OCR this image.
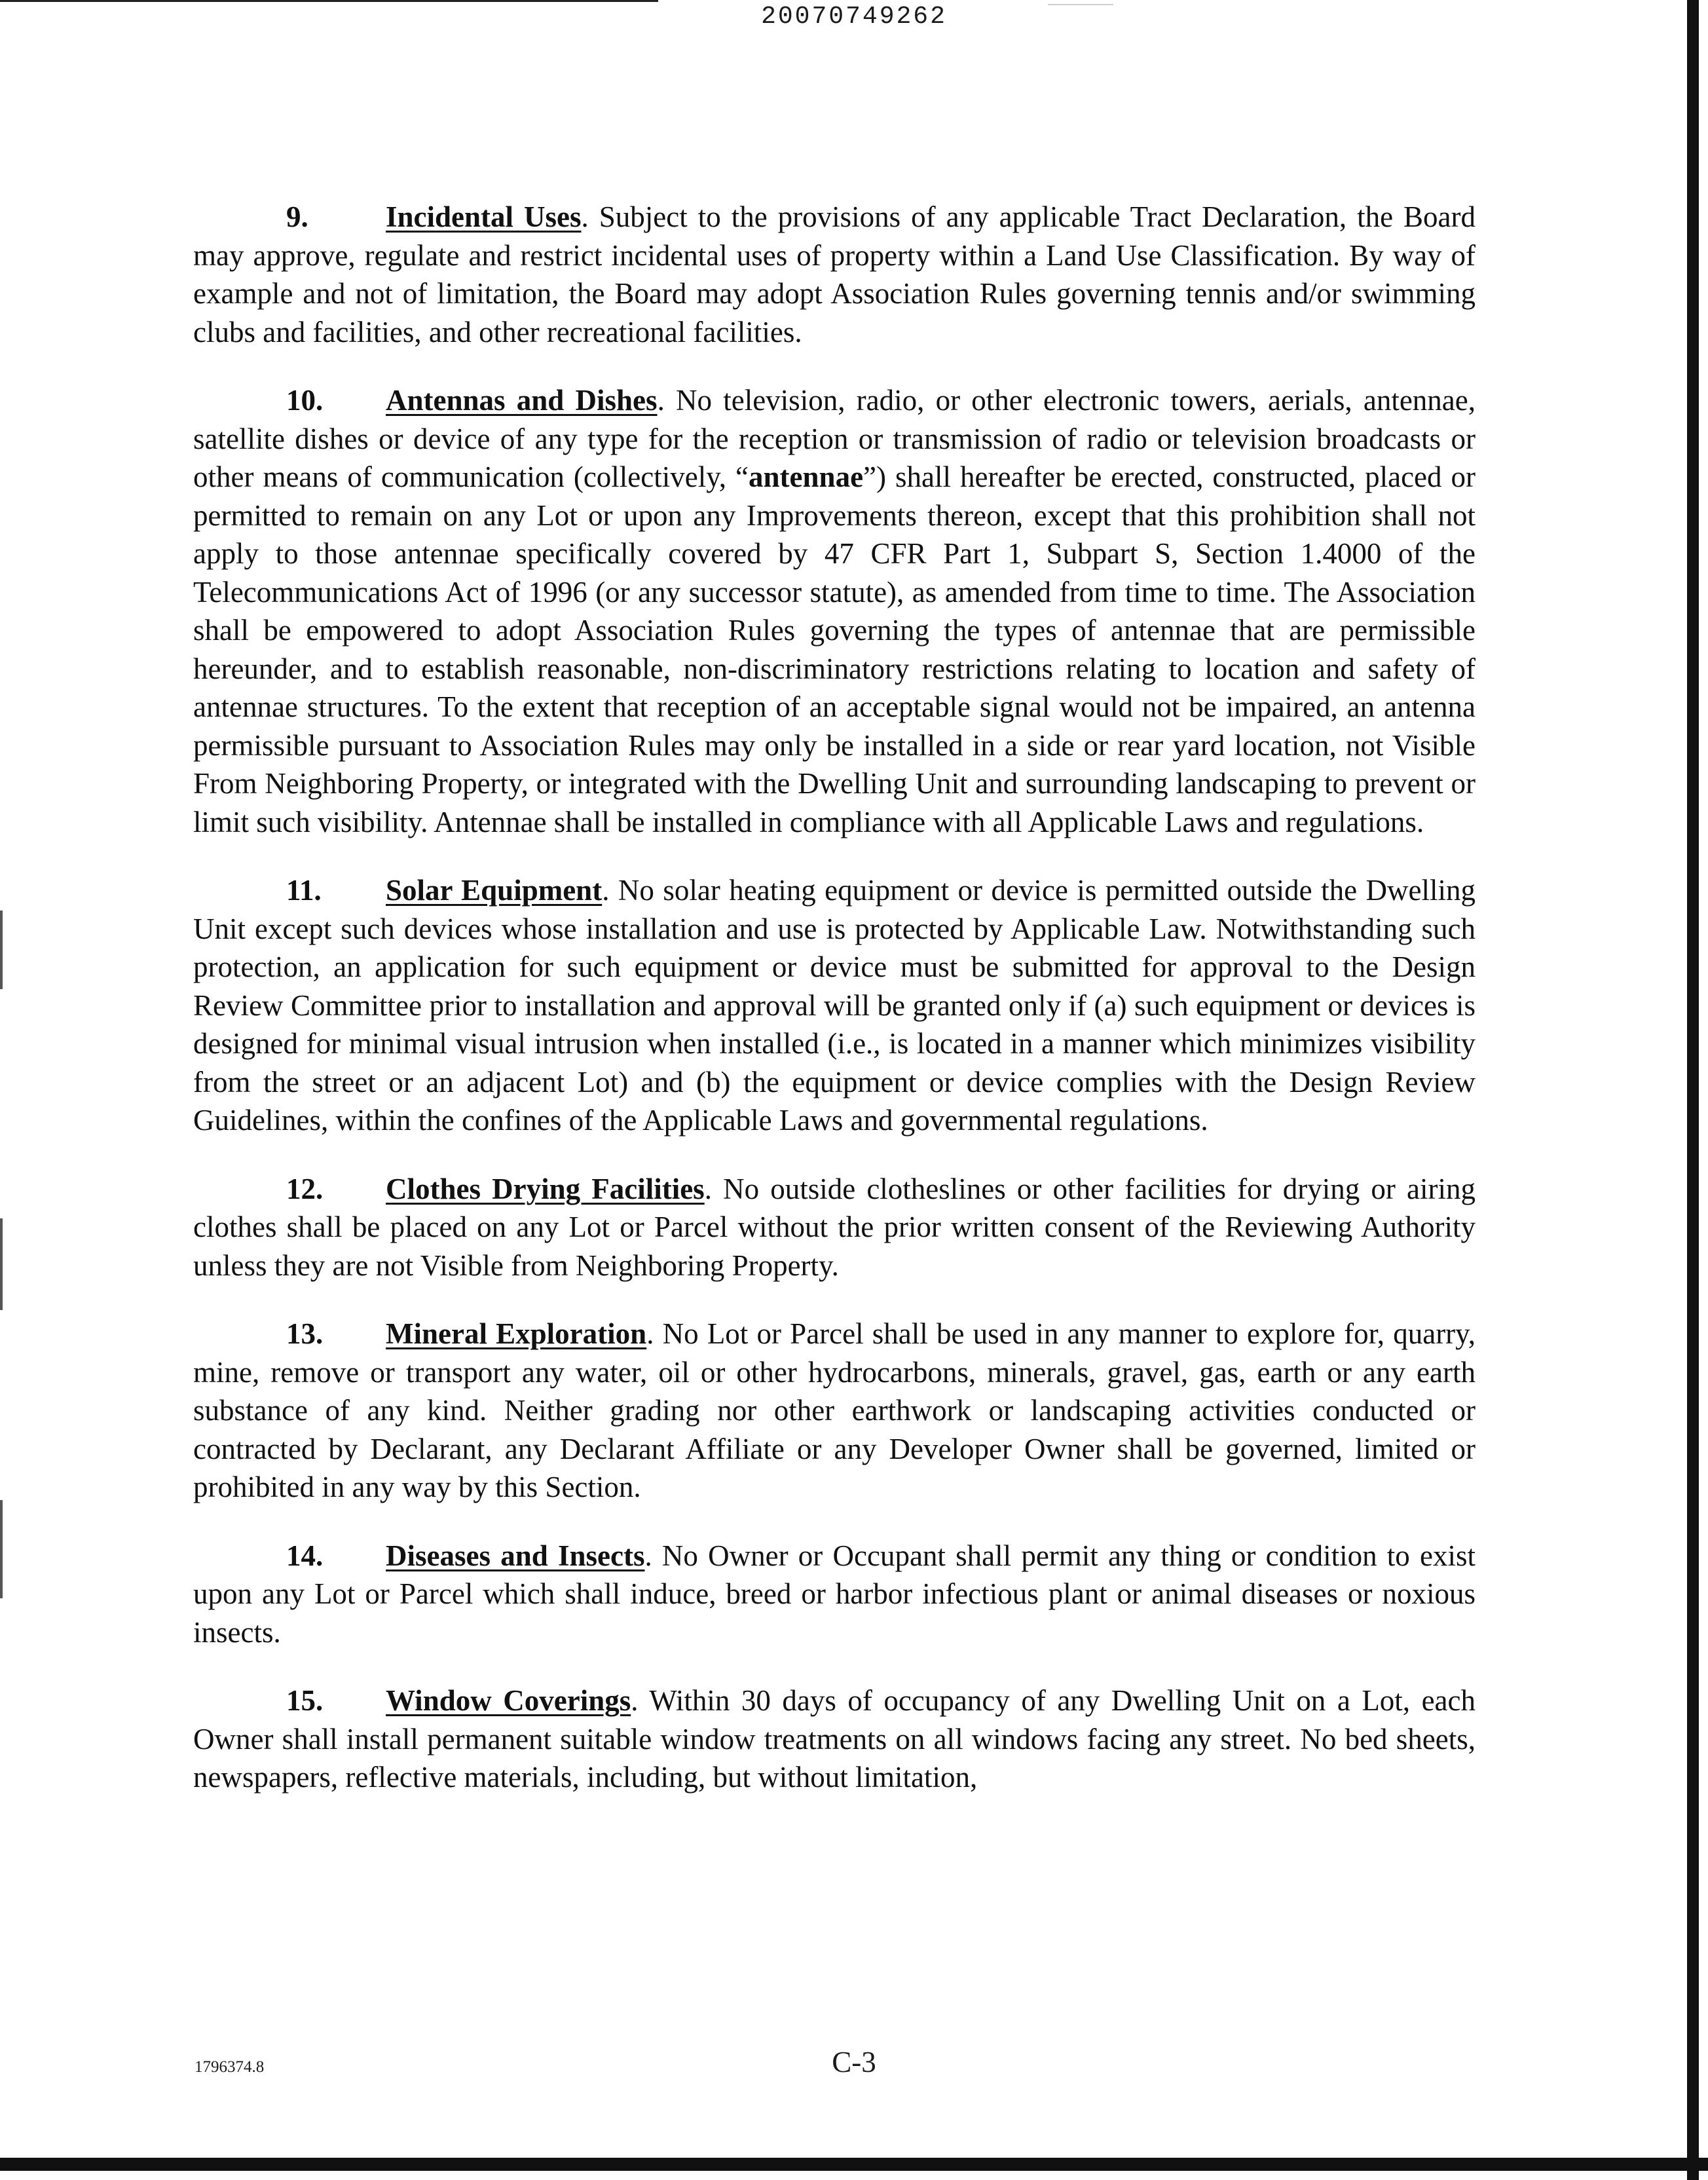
20070749262

9.	Incidental Uses. Subject to the provisions of any applicable Tract Declaration, the Board may approve, regulate and restrict incidental uses of property within a Land Use Classification. By way of example and not of limitation, the Board may adopt Association Rules governing tennis and/or swimming clubs and facilities, and other recreational facilities.

10. Antennas and Dishes. No television, radio, or other electronic towers, aerials, antennae, satellite dishes or device of any type for the reception or transmission of radio or television broadcasts or other means of communication (collectively, “antennae”) shall hereafter be erected, constructed, placed or permitted to remain on any Lot or upon any Improvements thereon, except that this prohibition shall not apply to those antennae specifically covered by 47 CFR Part 1, Subpart S, Section 1.4000 of the Telecommunications Act of 1996 (or any successor statute), as amended from time to time. The Association shall be empowered to adopt Association Rules governing the types of antennae that are permissible hereunder, and to establish reasonable, non-discriminatory restrictions relating to location and safety of antennae structures. To the extent that reception of an acceptable signal would not be impaired, an antenna permissible pursuant to Association Rules may only be installed in a side or rear yard location, not Visible From Neighboring Property, or integrated with the Dwelling Unit and surrounding landscaping to prevent or limit such visibility. Antennae shall be installed in compliance with all Applicable Laws and regulations.

11. Solar Equipment. No solar heating equipment or device is permitted outside the Dwelling Unit except such devices whose installation and use is protected by Applicable Law. Notwithstanding such protection, an application for such equipment or device must be submitted for approval to the Design Review Committee prior to installation and approval will be granted only if (a) such equipment or devices is designed for minimal visual intrusion when installed (i.e., is located in a manner which minimizes visibility from the street or an adjacent Lot) and (b) the equipment or device complies with the Design Review Guidelines, within the confines of the Applicable Laws and governmental regulations.

12. Clothes Drying Facilities. No outside clotheslines or other facilities for drying or airing clothes shall be placed on any Lot or Parcel without the prior written consent of the Reviewing Authority unless they are not Visible from Neighboring Property.

13. Mineral Exploration. No Lot or Parcel shall be used in any manner to explore for, quarry, mine, remove or transport any water, oil or other hydrocarbons, minerals, gravel, gas, earth or any earth substance of any kind. Neither grading nor other earthwork or landscaping activities conducted or contracted by Declarant, any Declarant Affiliate or any Developer Owner shall be governed, limited or prohibited in any way by this Section.

14. Diseases and Insects. No Owner or Occupant shall permit any thing or condition to exist upon any Lot or Parcel which shall induce, breed or harbor infectious plant or animal diseases or noxious insects.

15. Window Coverings. Within 30 days of occupancy of any Dwelling Unit on a Lot, each Owner shall install permanent suitable window treatments on all windows facing any street. No bed sheets, newspapers, reflective materials, including, but without limitation,

1796374.8	C-3
